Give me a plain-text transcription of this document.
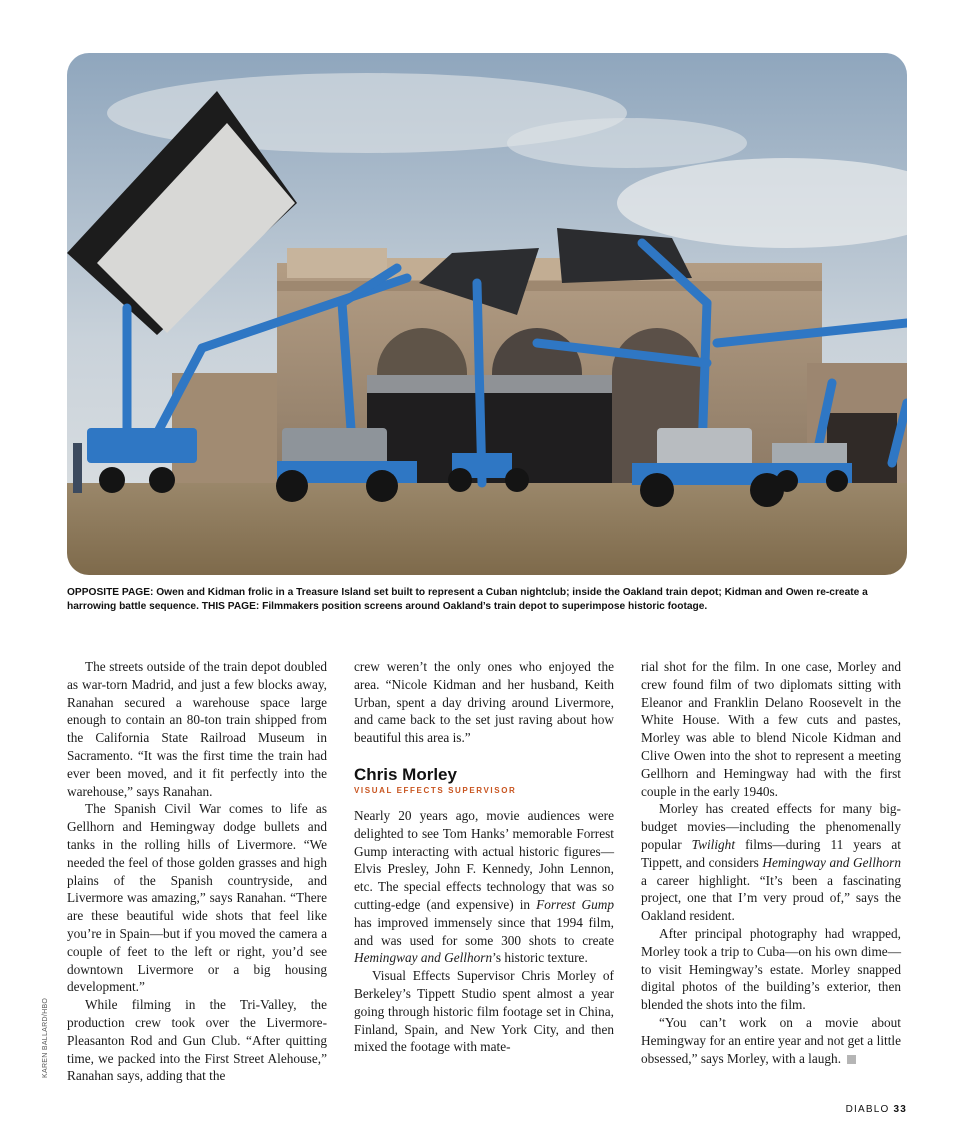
OPPOSITE PAGE: Owen and Kidman frolic in a Treasure Island set built to represent a Cuban nightclub; inside the Oakland train depot; Kidman and Owen re-create a harrowing battle sequence. THIS PAGE: Filmmakers position screens around Oakland’s train depot to superimpose historic footage.
KAREN BALLARD/HBO

The streets outside of the train depot doubled as war-torn Madrid, and just a few blocks away, Ranahan secured a warehouse space large enough to contain an 80-ton train shipped from the California State Railroad Museum in Sacramento. “It was the first time the train had ever been moved, and it fit perfectly into the warehouse,” says Ranahan.

The Spanish Civil War comes to life as Gellhorn and Hemingway dodge bullets and tanks in the rolling hills of Livermore. “We needed the feel of those golden grasses and high plains of the Spanish countryside, and Livermore was amazing,” says Ranahan. “There are these beautiful wide shots that feel like you’re in Spain—but if you moved the camera a couple of feet to the left or right, you’d see downtown Livermore or a big housing development.”

While filming in the Tri-Valley, the production crew took over the Livermore-Pleasanton Rod and Gun Club. “After quitting time, we packed into the First Street Alehouse,” Ranahan says, adding that the

crew weren’t the only ones who enjoyed the area. “Nicole Kidman and her husband, Keith Urban, spent a day driving around Livermore, and came back to the set just raving about how beautiful this area is.”

Chris Morley
VISUAL EFFECTS SUPERVISOR

Nearly 20 years ago, movie audiences were delighted to see Tom Hanks’ memorable Forrest Gump interacting with actual historic figures—Elvis Presley, John F. Kennedy, John Lennon, etc. The special effects technology that was so cutting-edge (and expensive) in Forrest Gump has improved immensely since that 1994 film, and was used for some 300 shots to create Hemingway and Gellhorn’s historic texture.

Visual Effects Supervisor Chris Morley of Berkeley’s Tippett Studio spent almost a year going through historic film footage set in China, Finland, Spain, and New York City, and then mixed the footage with mate-

rial shot for the film. In one case, Morley and crew found film of two diplomats sitting with Eleanor and Franklin Delano Roosevelt in the White House. With a few cuts and pastes, Morley was able to blend Nicole Kidman and Clive Owen into the shot to represent a meeting Gellhorn and Hemingway had with the first couple in the early 1940s.

Morley has created effects for many big-budget movies—including the phenomenally popular Twilight films—during 11 years at Tippett, and considers Hemingway and Gellhorn a career highlight. “It’s been a fascinating project, one that I’m very proud of,” says the Oakland resident.

After principal photography had wrapped, Morley took a trip to Cuba—on his own dime—to visit Hemingway’s estate. Morley snapped digital photos of the building’s exterior, then blended the shots into the film.

“You can’t work on a movie about Hemingway for an entire year and not get a little obsessed,” says Morley, with a laugh.

DIABLO 33
